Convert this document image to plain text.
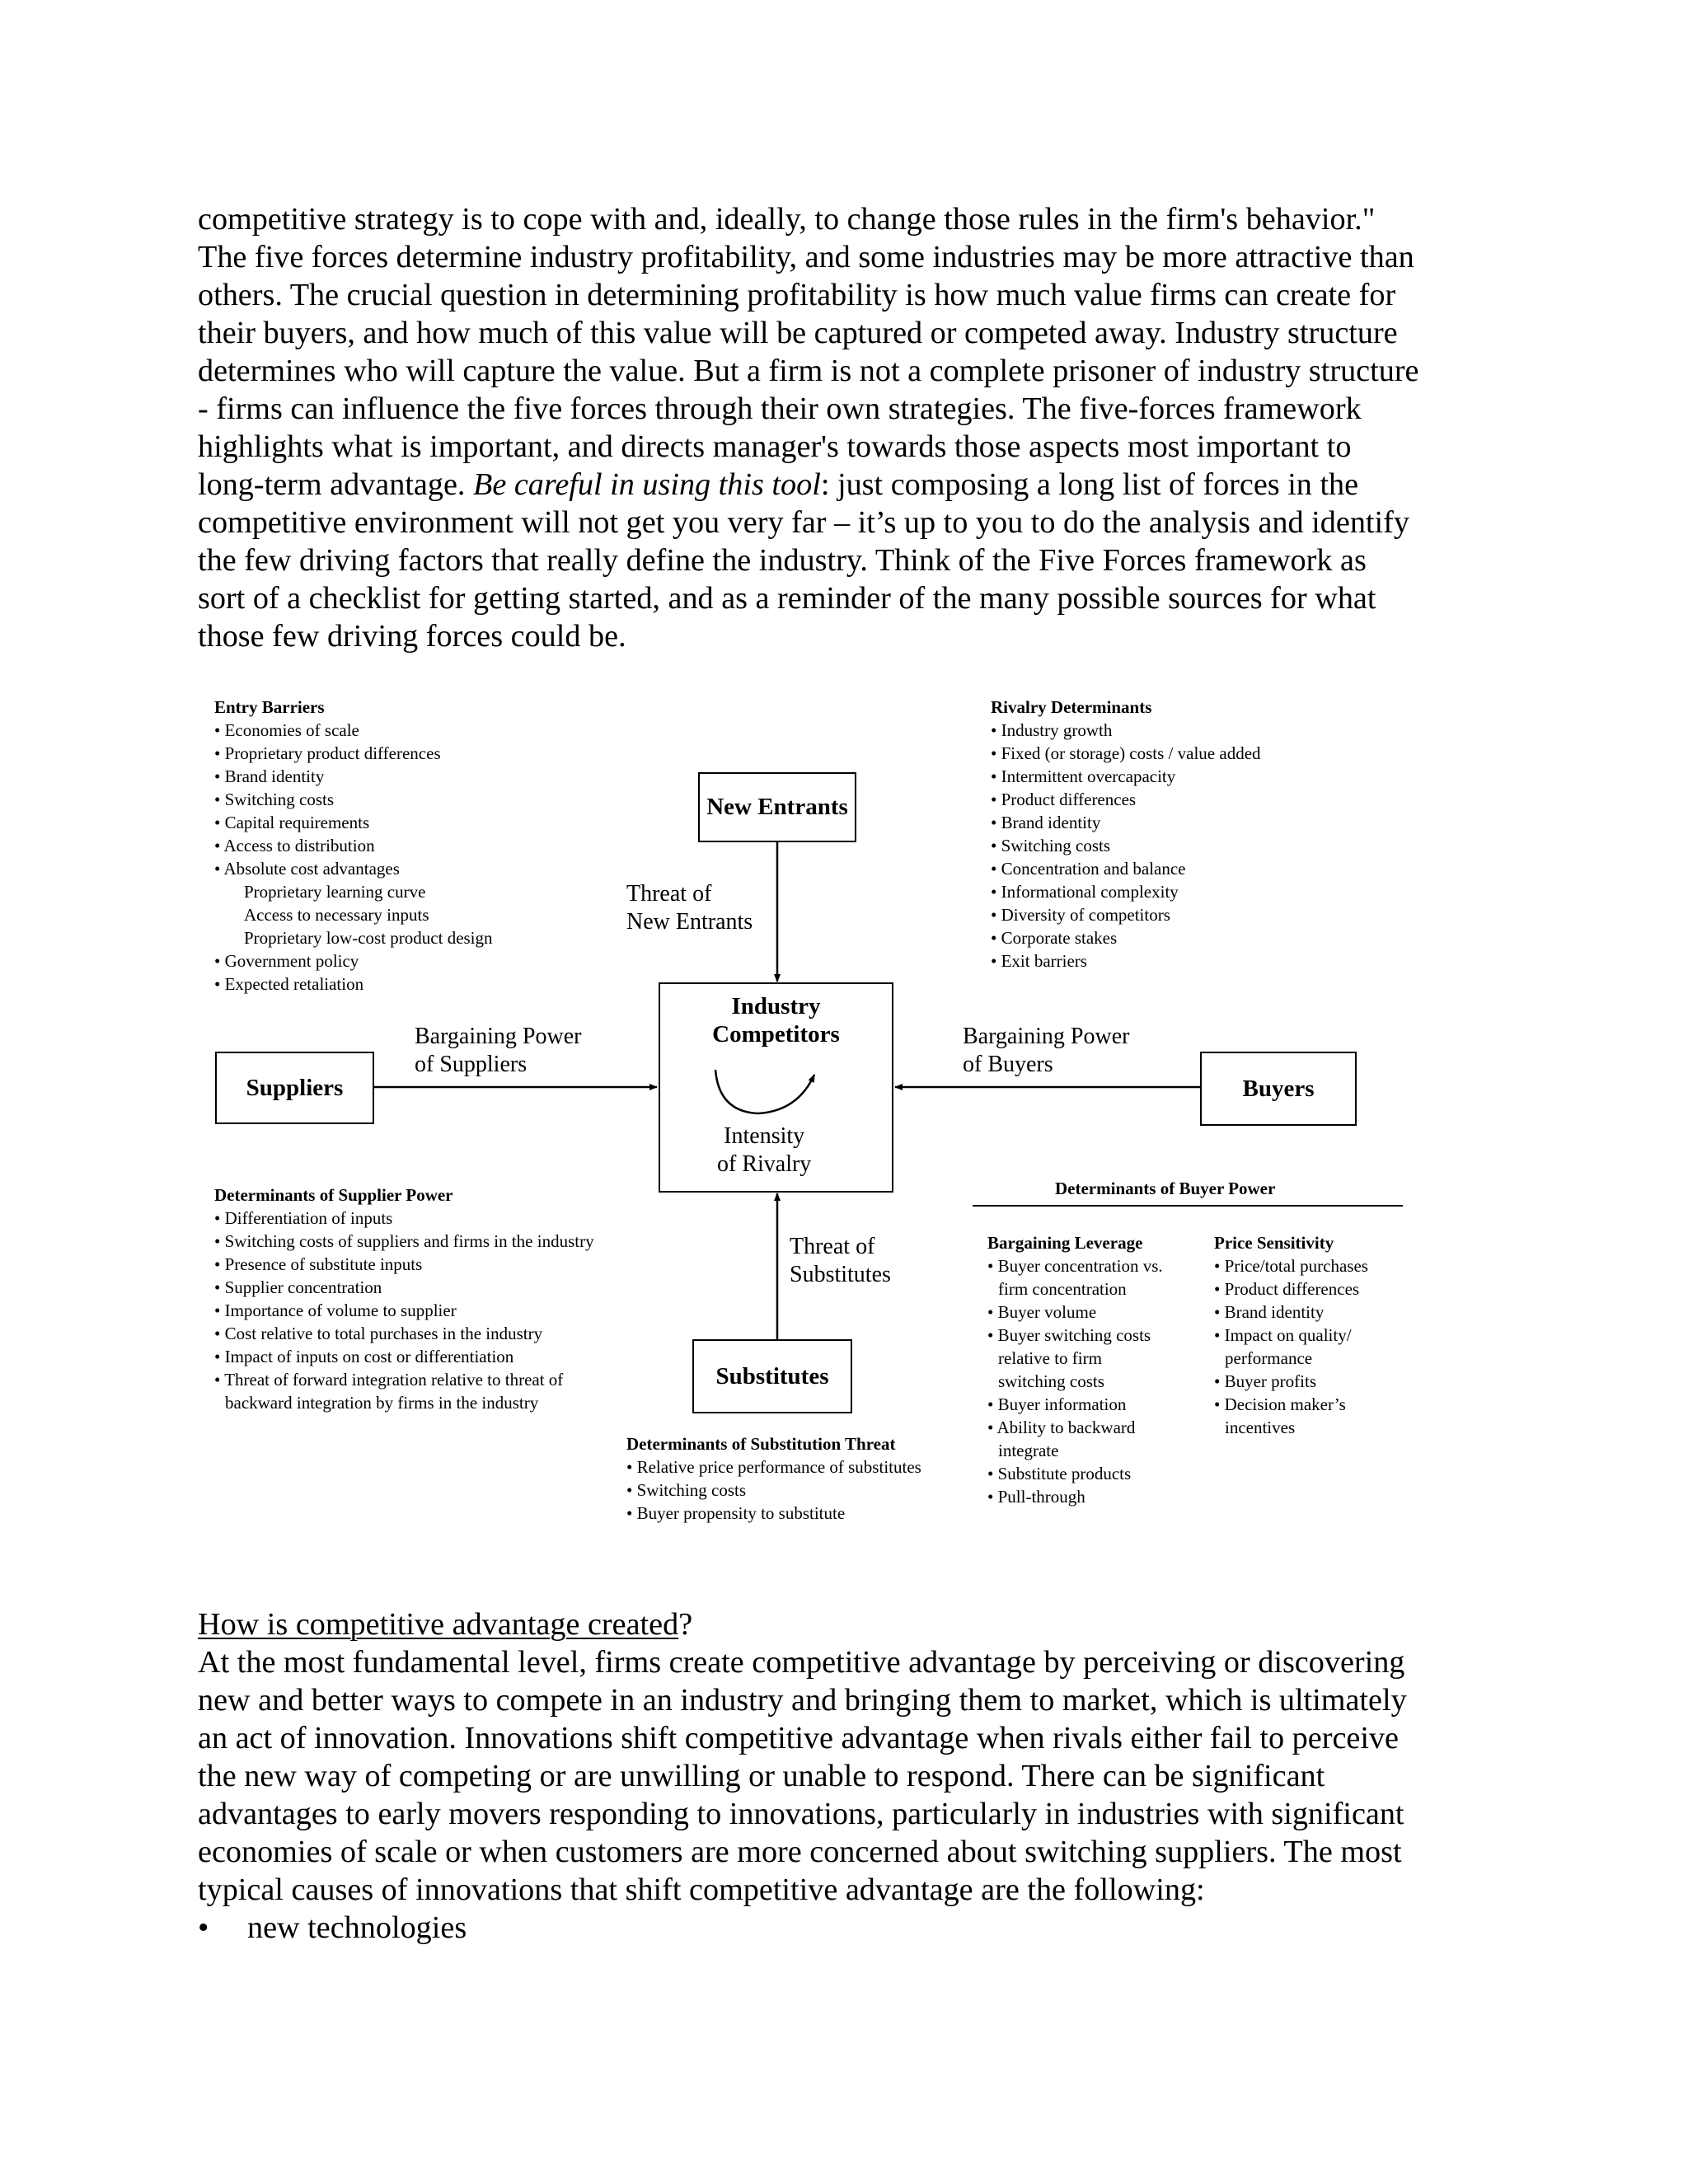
competitive strategy is to cope with and, ideally, to change those rules in the firm's behavior."
The five forces determine industry profitability, and some industries may be more attractive than
others. The crucial question in determining profitability is how much value firms can create for
their buyers, and how much of this value will be captured or competed away. Industry structure
determines who will capture the value. But a firm is not a complete prisoner of industry structure
- firms can influence the five forces through their own strategies. The five-forces framework
highlights what is important, and directs manager's towards those aspects most important to
long-term advantage. Be careful in using this tool: just composing a long list of forces in the
competitive environment will not get you very far – it’s up to you to do the analysis and identify
the few driving factors that really define the industry. Think of the Five Forces framework as
sort of a checklist for getting started, and as a reminder of the many possible sources for what
those few driving forces could be.
New Entrants
Industry
Competitors
Suppliers	Buyers
Substitutes
Threat of
New Entrants
Bargaining Power
of Suppliers
Bargaining Power
of Buyers
Intensity
of Rivalry
Threat of
Substitutes
Entry Barriers
• Economies of scale
• Proprietary product differences
• Brand identity
• Switching costs
• Capital requirements
• Access to distribution
• Absolute cost advantages
Proprietary learning curve
Access to necessary inputs
Proprietary low-cost product design
• Government policy
• Expected retaliation
Rivalry Determinants
• Industry growth
• Fixed (or storage) costs / value added
• Intermittent overcapacity
• Product differences
• Brand identity
• Switching costs
• Concentration and balance
• Informational complexity
• Diversity of competitors
• Corporate stakes
• Exit barriers
Determinants of Supplier Power
• Differentiation of inputs
• Switching costs of suppliers and firms in the industry
• Presence of substitute inputs
• Supplier concentration
• Importance of volume to supplier
• Cost relative to total purchases in the industry
• Impact of inputs on cost or differentiation
• Threat of forward integration relative to threat of
backward integration by firms in the industry
Determinants of Substitution Threat
• Relative price performance of substitutes
• Switching costs
• Buyer propensity to substitute
Determinants of Buyer Power
Bargaining Leverage
• Buyer concentration vs.
firm concentration
• Buyer volume
• Buyer switching costs
relative to firm
switching costs
• Buyer information
• Ability to backward
integrate
• Substitute products
• Pull-through
Price Sensitivity
• Price/total purchases
• Product differences
• Brand identity
• Impact on quality/
performance
• Buyer profits
• Decision maker’s
incentives

How is competitive advantage created?

At the most fundamental level, firms create competitive advantage by perceiving or discovering
new and better ways to compete in an industry and bringing them to market, which is ultimately
an act of innovation. Innovations shift competitive advantage when rivals either fail to perceive
the new way of competing or are unwilling or unable to respond. There can be significant
advantages to early movers responding to innovations, particularly in industries with significant
economies of scale or when customers are more concerned about switching suppliers. The most
typical causes of innovations that shift competitive advantage are the following:

• new technologies
